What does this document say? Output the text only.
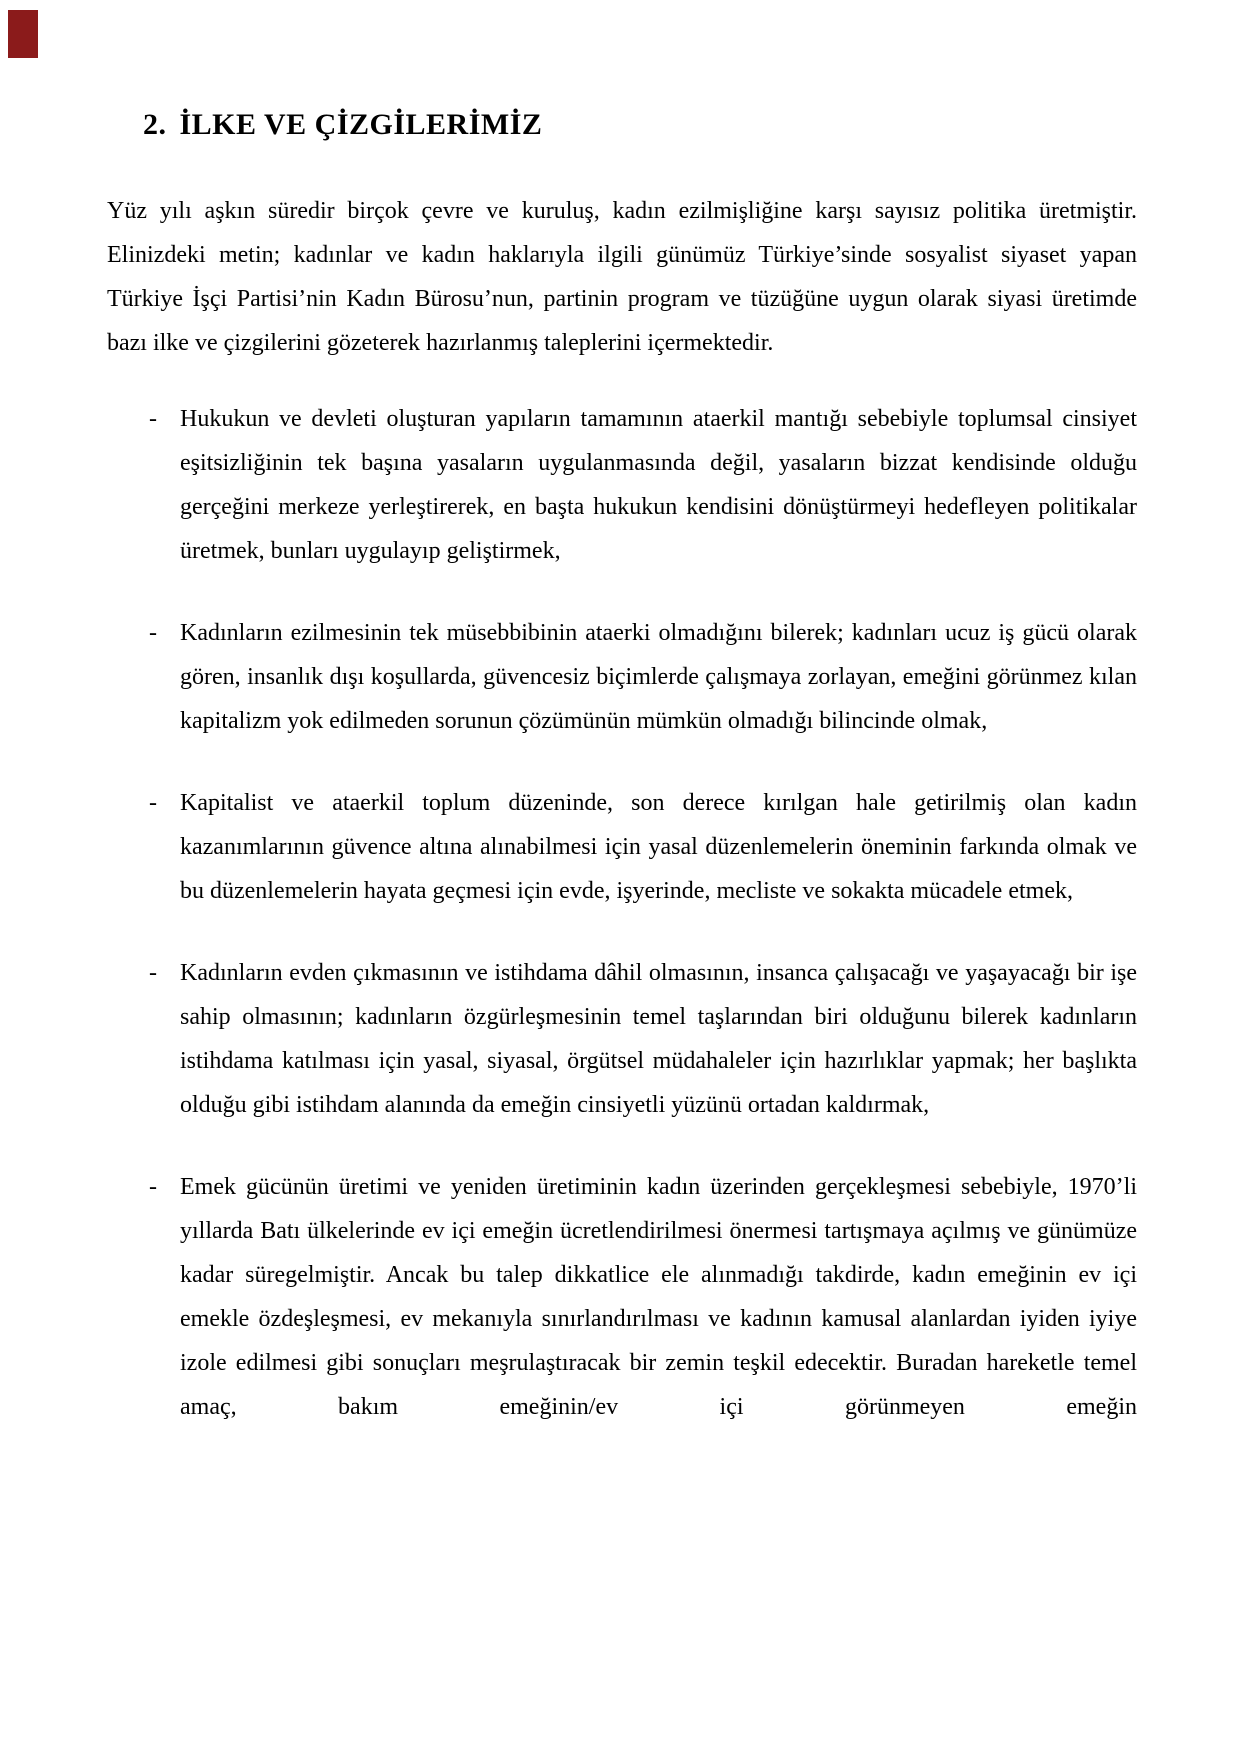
2. İLKE VE ÇİZGİLERİMİZ

Yüz yılı aşkın süredir birçok çevre ve kuruluş, kadın ezilmişliğine karşı sayısız politika üretmiştir. Elinizdeki metin; kadınlar ve kadın haklarıyla ilgili günümüz Türkiye’sinde sosyalist siyaset yapan Türkiye İşçi Partisi’nin Kadın Bürosu’nun, partinin program ve tüzüğüne uygun olarak siyasi üretimde bazı ilke ve çizgilerini gözeterek hazırlanmış taleplerini içermektedir.

- Hukukun ve devleti oluşturan yapıların tamamının ataerkil mantığı sebebiyle toplumsal cinsiyet eşitsizliğinin tek başına yasaların uygulanmasında değil, yasaların bizzat kendisinde olduğu gerçeğini merkeze yerleştirerek, en başta hukukun kendisini dönüştürmeyi hedefleyen politikalar üretmek, bunları uygulayıp geliştirmek,
- Kadınların ezilmesinin tek müsebbibinin ataerki olmadığını bilerek; kadınları ucuz iş gücü olarak gören, insanlık dışı koşullarda, güvencesiz biçimlerde çalışmaya zorlayan, emeğini görünmez kılan kapitalizm yok edilmeden sorunun çözümünün mümkün olmadığı bilincinde olmak,
- Kapitalist ve ataerkil toplum düzeninde, son derece kırılgan hale getirilmiş olan kadın kazanımlarının güvence altına alınabilmesi için yasal düzenlemelerin öneminin farkında olmak ve bu düzenlemelerin hayata geçmesi için evde, işyerinde, mecliste ve sokakta mücadele etmek,
- Kadınların evden çıkmasının ve istihdama dâhil olmasının, insanca çalışacağı ve yaşayacağı bir işe sahip olmasının; kadınların özgürleşmesinin temel taşlarından biri olduğunu bilerek kadınların istihdama katılması için yasal, siyasal, örgütsel müdahaleler için hazırlıklar yapmak; her başlıkta olduğu gibi istihdam alanında da emeğin cinsiyetli yüzünü ortadan kaldırmak,
- Emek gücünün üretimi ve yeniden üretiminin kadın üzerinden gerçekleşmesi sebebiyle, 1970’li yıllarda Batı ülkelerinde ev içi emeğin ücretlendirilmesi önermesi tartışmaya açılmış ve günümüze kadar süregelmiştir. Ancak bu talep dikkatlice ele alınmadığı takdirde, kadın emeğinin ev içi emekle özdeşleşmesi, ev mekanıyla sınırlandırılması ve kadının kamusal alanlardan iyiden iyiye izole edilmesi gibi sonuçları meşrulaştıracak bir zemin teşkil edecektir. Buradan hareketle temel amaç, bakım emeğinin/ev içi görünmeyen emeğin
